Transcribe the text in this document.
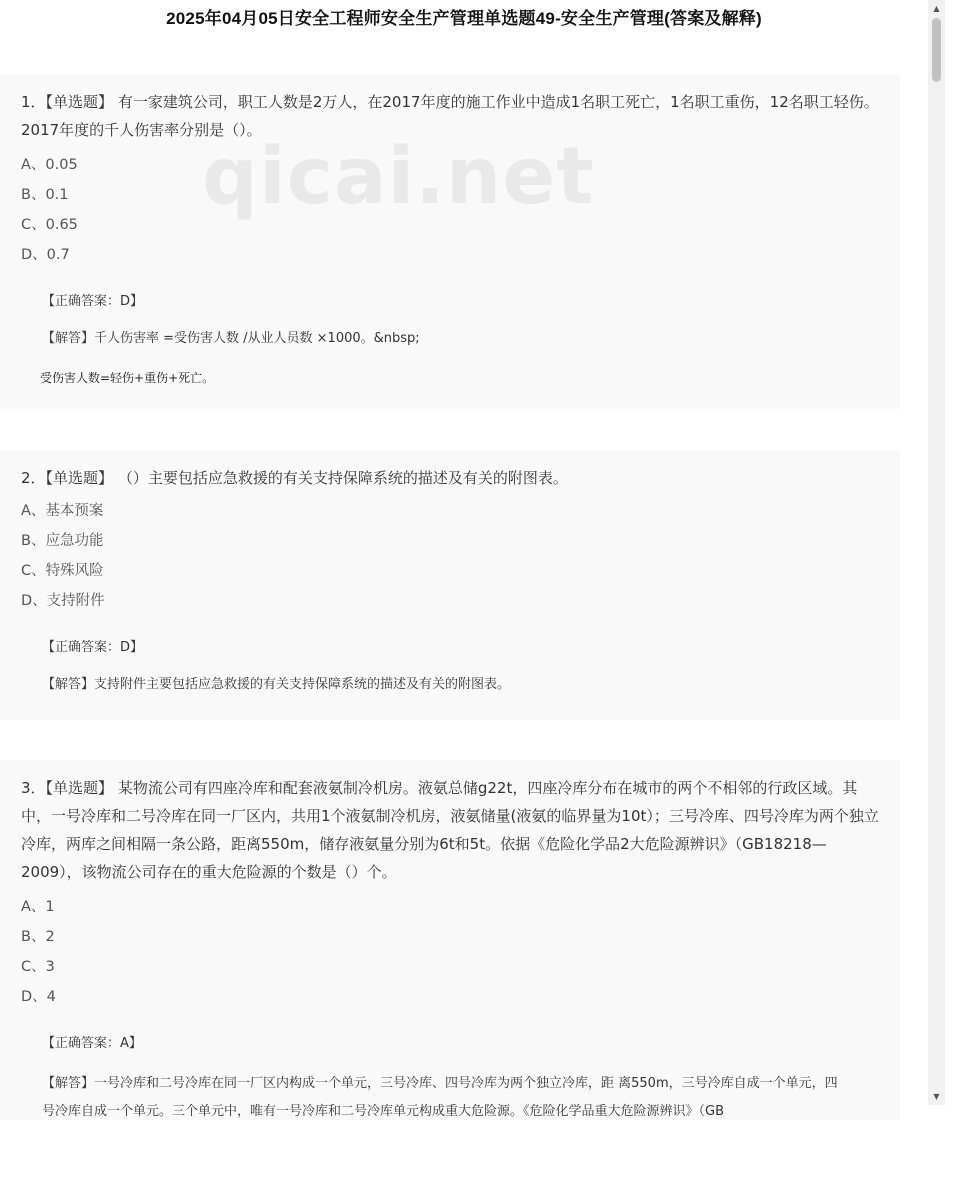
2025年04月05日安全工程师安全生产管理单选题49-安全生产管理(答案及解释)

1．【单选题】 有一家建筑公司，职工人数是2万人，在2017年度的施工作业中造成1名职工死亡，1名职工重伤，12名职工轻伤。2017年度的千人伤害率分别是（）。

A、0.05
B、0.1
C、0.65
D、0.7
【正确答案：D】
【解答】千人伤害率 =受伤害人数 /从业人员数 ×1000。&nbsp;
受伤害人数=轻伤+重伤+死亡。

2．【单选题】 （）主要包括应急救援的有关支持保障系统的描述及有关的附图表。

A、基本预案
B、应急功能
C、特殊风险
D、支持附件
【正确答案：D】
【解答】支持附件主要包括应急救援的有关支持保障系统的描述及有关的附图表。

3．【单选题】 某物流公司有四座冷库和配套液氨制冷机房。液氨总储g22t，四座冷库分布在城市的两个不相邻的行政区域。其中，一号冷库和二号冷库在同一厂区内，共用1个液氨制冷机房，液氨储量(液氨的临界量为10t）；三号冷库、四号冷库为两个独立冷库，两库之间相隔一条公路，距离550m，储存液氨量分别为6t和5t。依据《危险化学品2大危险源辨识》（GB18218—2009），该物流公司存在的重大危险源的个数是（）个。

A、1
B、2
C、3
D、4
【正确答案：A】
【解答】一号冷库和二号冷库在同一厂区内构成一个单元，三号冷库、四号冷库为两个独立冷库，距 离550m，三号冷库自成一个单元，四号冷库自成一个单元。三个单元中，唯有一号冷库和二号冷库单元构成重大危险源。《危险化学品重大危险源辨识》（GB
qicai.net
▲
▼
